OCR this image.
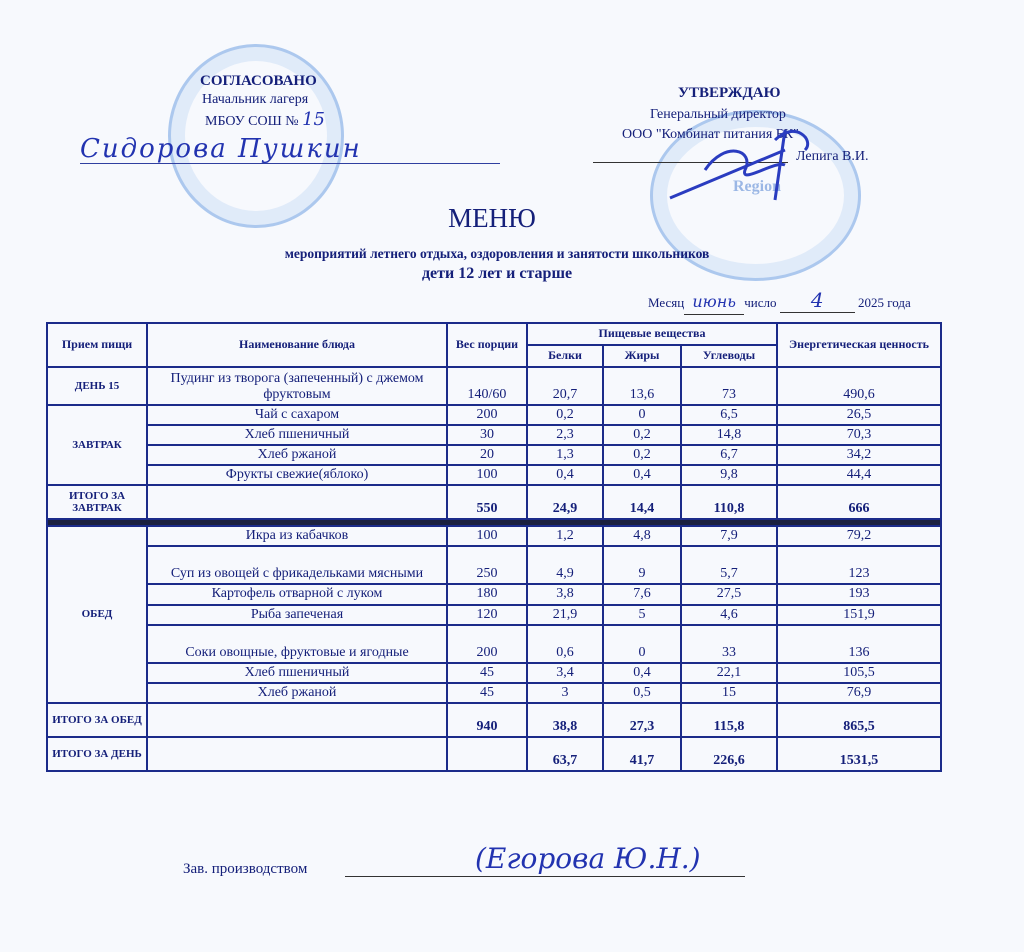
Region
СОГЛАСОВАНО
Начальник лагеря
МБОУ СОШ № 15
Сидорова Пушкин
УТВЕРЖДАЮ
Генеральный директор
ООО "Комбинат питания БК"
Лепига В.И.
МЕНЮ
мероприятий летнего отдыха, оздоровления и занятости школьников
дети 12 лет и старше
Месяц июнь число 4	2025 года
Прием пищи	Наименование блюда	Вес порции	Пищевые вещества			Энергетическая ценность
			Белки	Жиры	Углеводы	
ДЕНЬ 15	Пудинг из творога (запеченный) с джемом фруктовым	140/60	20,7	13,6	73	490,6
ЗАВТРАК	Чай с сахаром	200	0,2	0	6,5	26,5
	Хлеб пшеничный	30	2,3	0,2	14,8	70,3
	Хлеб ржаной	20	1,3	0,2	6,7	34,2
	Фрукты свежие(яблоко)	100	0,4	0,4	9,8	44,4
ИТОГО ЗА ЗАВТРАК		550	24,9	14,4	110,8	666

ОБЕД	Икра из кабачков	100	1,2	4,8	7,9	79,2
	Суп из овощей с фрикадельками мясными	250	4,9	9	5,7	123
	Картофель отварной с луком	180	3,8	7,6	27,5	193
	Рыба запеченая	120	21,9	5	4,6	151,9
	Соки овощные, фруктовые и ягодные	200	0,6	0	33	136
	Хлеб пшеничный	45	3,4	0,4	22,1	105,5
	Хлеб ржаной	45	3	0,5	15	76,9
ИТОГО ЗА ОБЕД		940	38,8	27,3	115,8	865,5
ИТОГО ЗА ДЕНЬ			63,7	41,7	226,6	1531,5
Зав. производством	(Егорова Ю.Н.)
